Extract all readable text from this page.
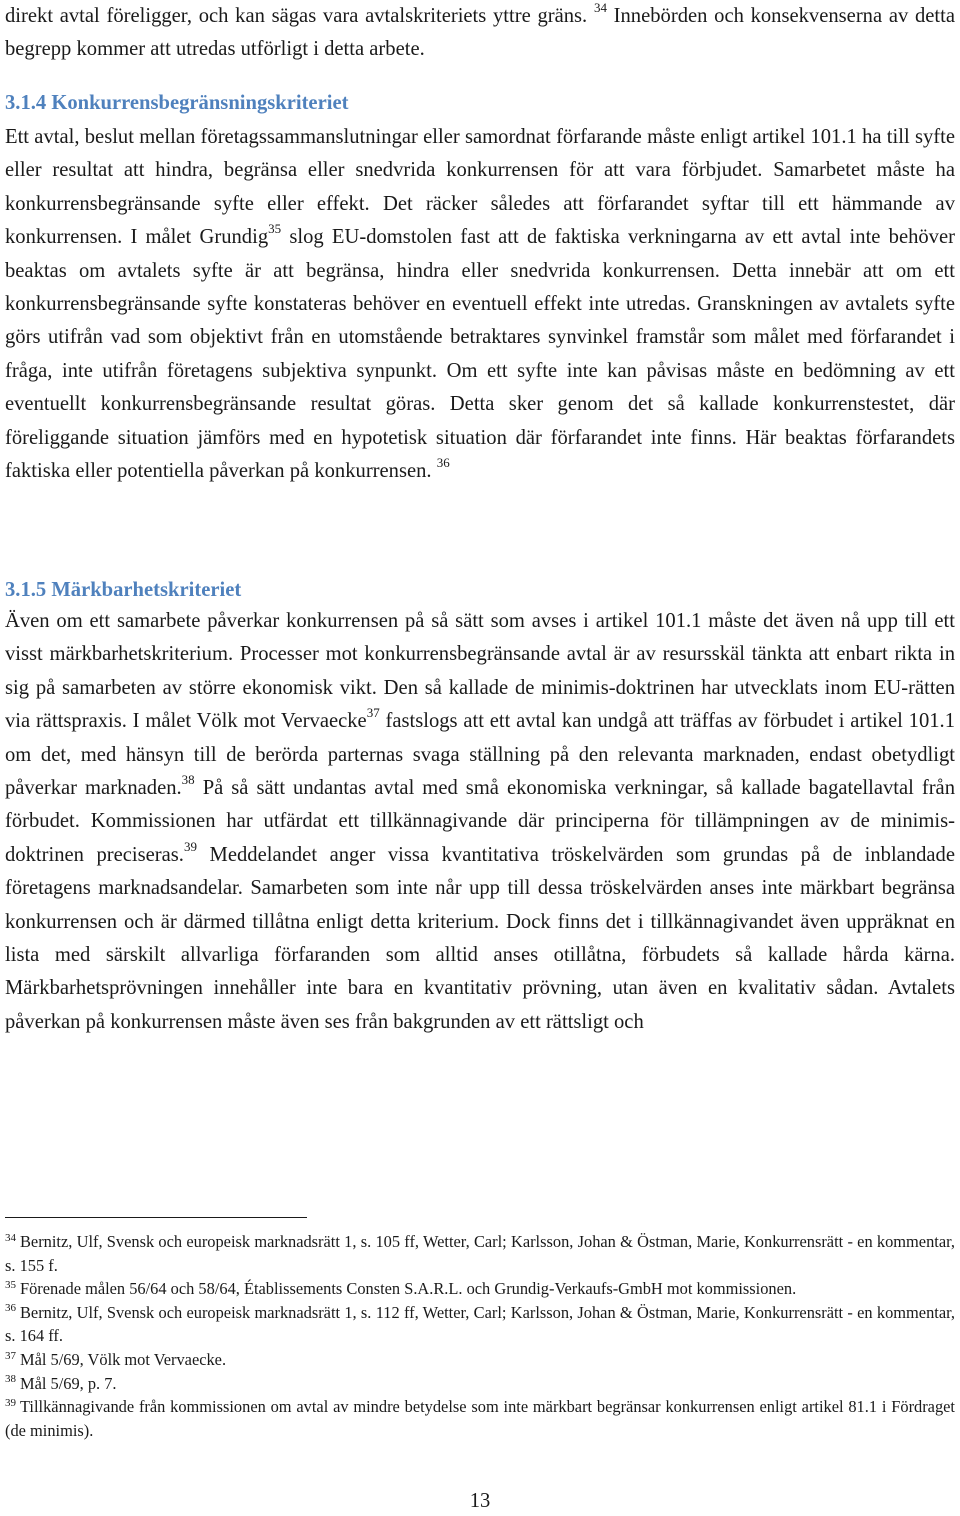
direkt avtal föreligger, och kan sägas vara avtalskriteriets yttre gräns. $^{34}$ Innebörden och konsekvenserna av detta begrepp kommer att utredas utförligt i detta arbete.

3.1.4 Konkurrensbegränsningskriteriet

Ett avtal, beslut mellan företagssammanslutningar eller samordnat förfarande måste enligt artikel 101.1 ha till syfte eller resultat att hindra, begränsa eller snedvrida konkurrensen för att vara förbjudet. Samarbetet måste ha konkurrensbegränsande syfte eller effekt. Det räcker således att förfarandet syftar till ett hämmande av konkurrensen. I målet Grundig$^{35}$ slog EU-domstolen fast att de faktiska verkningarna av ett avtal inte behöver beaktas om avtalets syfte är att begränsa, hindra eller snedvrida konkurrensen. Detta innebär att om ett konkurrensbegränsande syfte konstateras behöver en eventuell effekt inte utredas. Granskningen av avtalets syfte görs utifrån vad som objektivt från en utomstående betraktares synvinkel framstår som målet med förfarandet i fråga, inte utifrån företagens subjektiva synpunkt. Om ett syfte inte kan påvisas måste en bedömning av ett eventuellt konkurrensbegränsande resultat göras. Detta sker genom det så kallade konkurrenstestet, där föreliggande situation jämförs med en hypotetisk situation där förfarandet inte finns. Här beaktas förfarandets faktiska eller potentiella påverkan på konkurrensen. $^{36}$

3.1.5 Märkbarhetskriteriet

Även om ett samarbete påverkar konkurrensen på så sätt som avses i artikel 101.1 måste det även nå upp till ett visst märkbarhetskriterium. Processer mot konkurrensbegränsande avtal är av resursskäl tänkta att enbart rikta in sig på samarbeten av större ekonomisk vikt. Den så kallade de minimis-doktrinen har utvecklats inom EU-rätten via rättspraxis. I målet Völk mot Vervaecke$^{37}$ fastslogs att ett avtal kan undgå att träffas av förbudet i artikel 101.1 om det, med hänsyn till de berörda parternas svaga ställning på den relevanta marknaden, endast obetydligt påverkar marknaden.$^{38}$ På så sätt undantas avtal med små ekonomiska verkningar, så kallade bagatellavtal från förbudet. Kommissionen har utfärdat ett tillkännagivande där principerna för tillämpningen av de minimis-doktrinen preciseras.$^{39}$ Meddelandet anger vissa kvantitativa tröskelvärden som grundas på de inblandade företagens marknadsandelar. Samarbeten som inte når upp till dessa tröskelvärden anses inte märkbart begränsa konkurrensen och är därmed tillåtna enligt detta kriterium. Dock finns det i tillkännagivandet även uppräknat en lista med särskilt allvarliga förfaranden som alltid anses otillåtna, förbudets så kallade hårda kärna. Märkbarhetsprövningen innehåller inte bara en kvantitativ prövning, utan även en kvalitativ sådan. Avtalets påverkan på konkurrensen måste även ses från bakgrunden av ett rättsligt och

$^{34}$ Bernitz, Ulf, Svensk och europeisk marknadsrätt 1, s. 105 ff, Wetter, Carl; Karlsson, Johan & Östman, Marie, Konkurrensrätt - en kommentar, s. 155 f.

$^{35}$ Förenade målen 56/64 och 58/64, Établissements Consten S.A.R.L. och Grundig-Verkaufs-GmbH mot kommissionen.

$^{36}$ Bernitz, Ulf, Svensk och europeisk marknadsrätt 1, s. 112 ff, Wetter, Carl; Karlsson, Johan & Östman, Marie, Konkurrensrätt - en kommentar, s. 164 ff.

$^{37}$ Mål 5/69, Völk mot Vervaecke.

$^{38}$ Mål 5/69, p. 7.

$^{39}$ Tillkännagivande från kommissionen om avtal av mindre betydelse som inte märkbart begränsar konkurrensen enligt artikel 81.1 i Fördraget (de minimis).

13
